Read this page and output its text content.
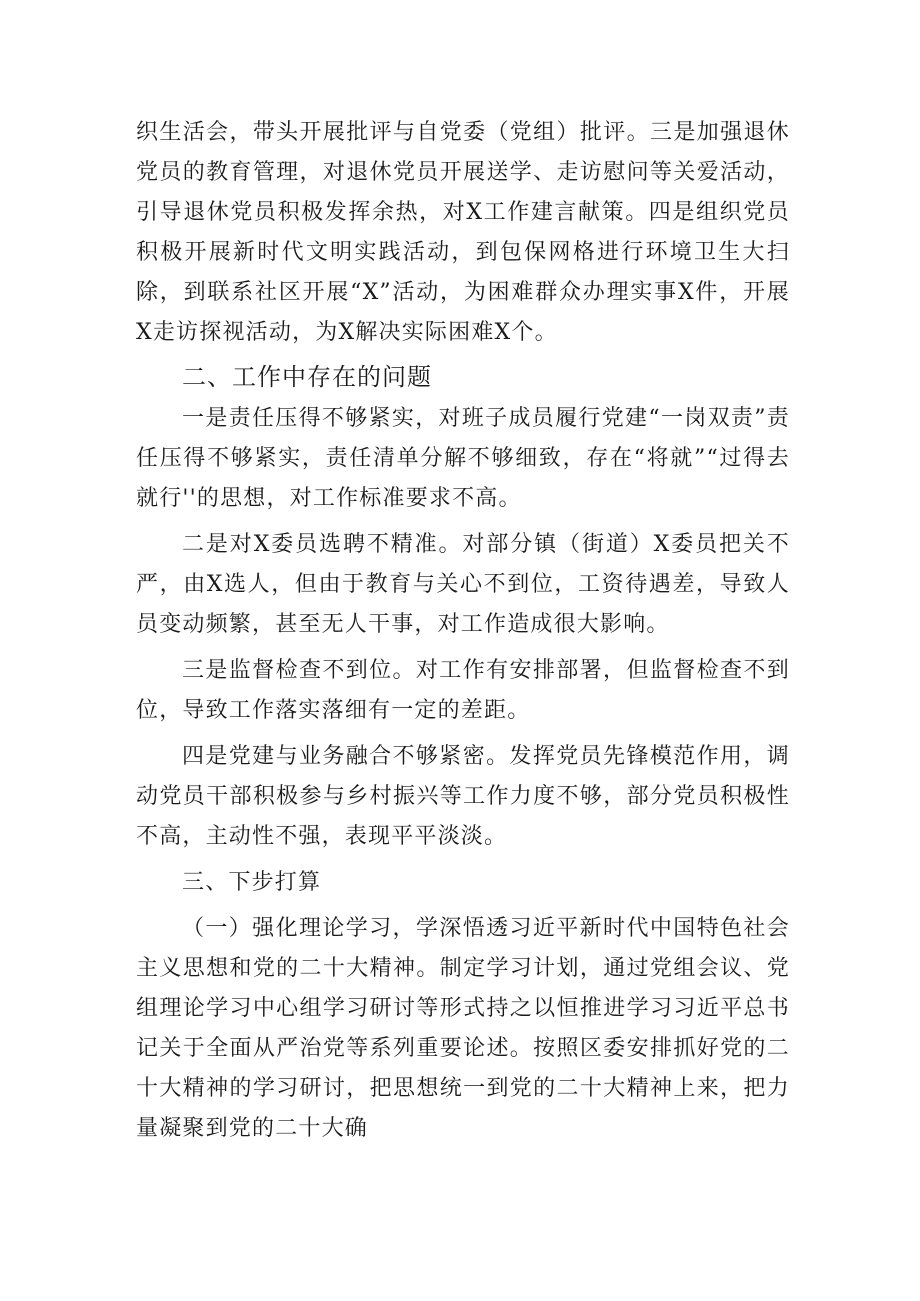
织生活会，带头开展批评与自党委（党组）批评。三是加强退休党员的教育管理，对退休党员开展送学、走访慰问等关爱活动，引导退休党员积极发挥余热，对X工作建言献策。四是组织党员积极开展新时代文明实践活动，到包保网格进行环境卫生大扫除，到联系社区开展“X”活动，为困难群众办理实事X件，开展X走访探视活动，为X解决实际困难X个。

二、工作中存在的问题

一是责任压得不够紧实，对班子成员履行党建“一岗双责”责任压得不够紧实，责任清单分解不够细致，存在“将就”“过得去就行''的思想，对工作标准要求不高。

二是对X委员选聘不精准。对部分镇（街道）X委员把关不严，由X选人，但由于教育与关心不到位，工资待遇差，导致人员变动频繁，甚至无人干事，对工作造成很大影响。

三是监督检查不到位。对工作有安排部署，但监督检查不到位，导致工作落实落细有一定的差距。

四是党建与业务融合不够紧密。发挥党员先锋模范作用，调动党员干部积极参与乡村振兴等工作力度不够，部分党员积极性不高，主动性不强，表现平平淡淡。

三、下步打算

（一）强化理论学习，学深悟透习近平新时代中国特色社会主义思想和党的二十大精神。制定学习计划，通过党组会议、党组理论学习中心组学习研讨等形式持之以恒推进学习习近平总书记关于全面从严治党等系列重要论述。按照区委安排抓好党的二十大精神的学习研讨，把思想统一到党的二十大精神上来，把力量凝聚到党的二十大确
